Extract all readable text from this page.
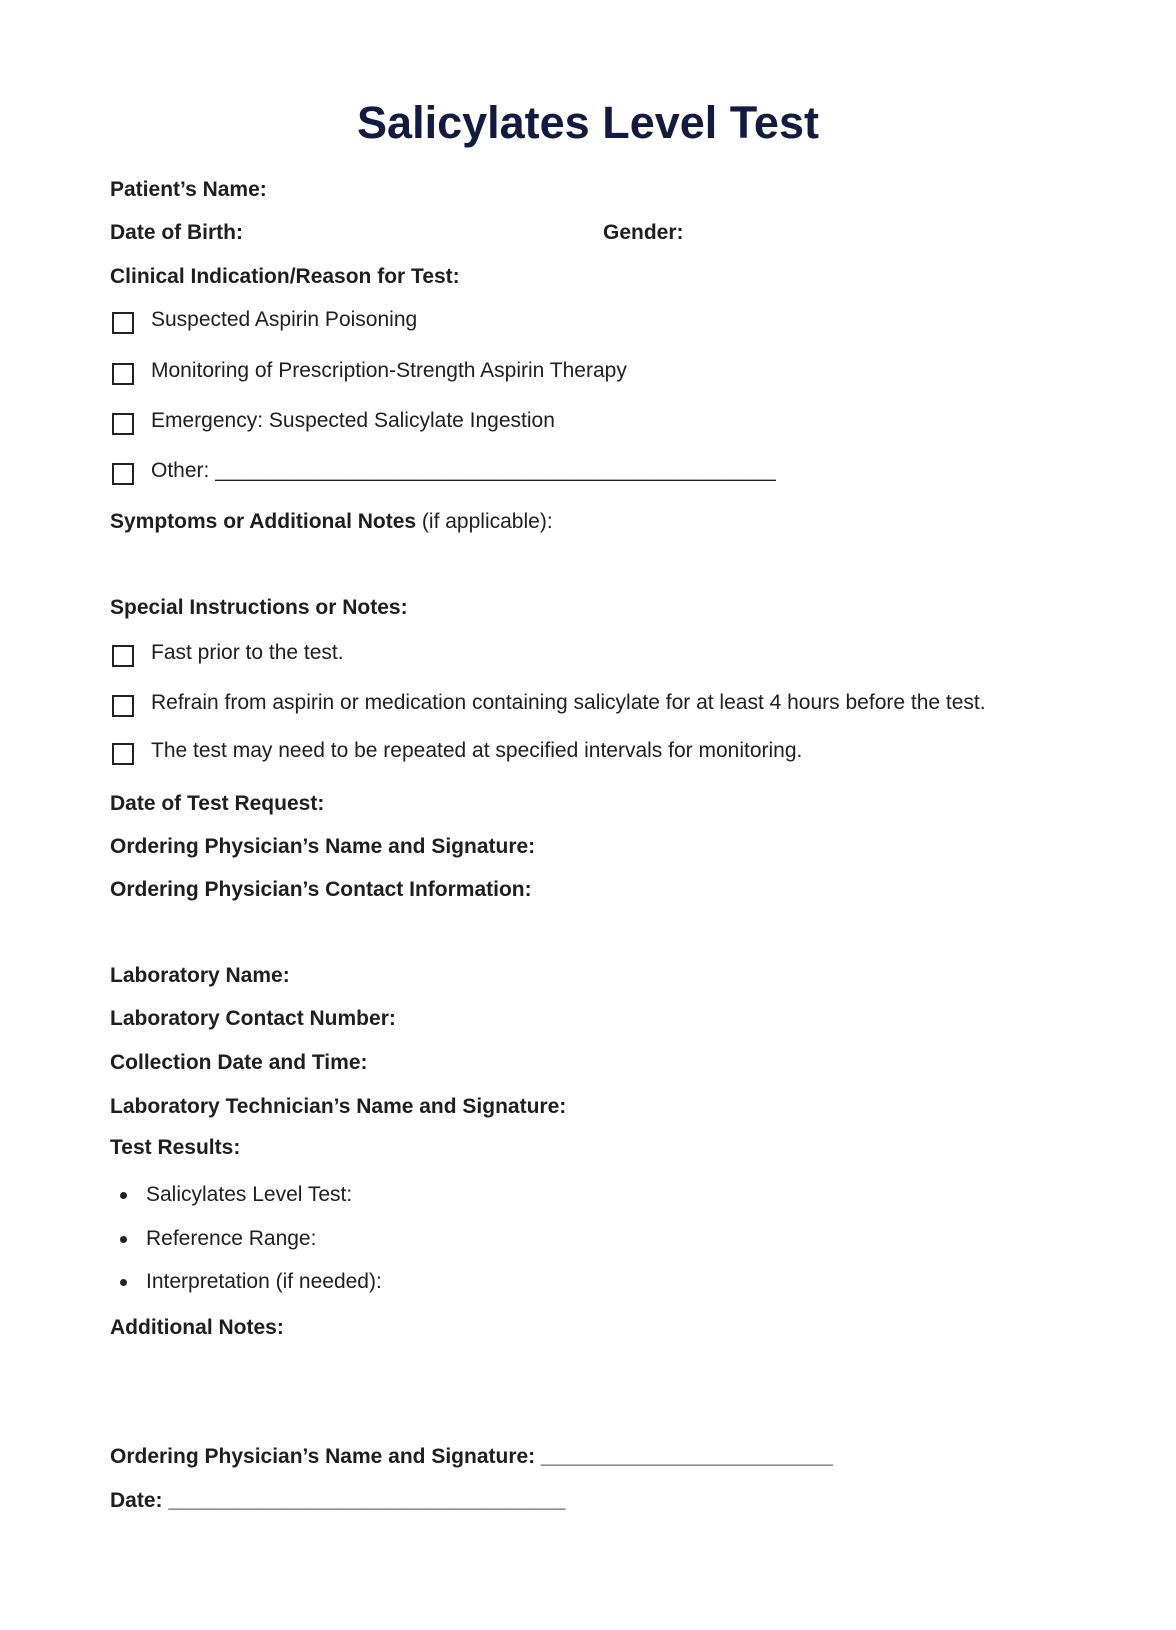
Salicylates Level Test
Patient’s Name:
Date of Birth:	Gender:
Clinical Indication/Reason for Test:
Suspected Aspirin Poisoning
Monitoring of Prescription-Strength Aspirin Therapy
Emergency: Suspected Salicylate Ingestion
Other: ________________________________________________
Symptoms or Additional Notes (if applicable):
Special Instructions or Notes:
Fast prior to the test.
Refrain from aspirin or medication containing salicylate for at least 4 hours before the test.
The test may need to be repeated at specified intervals for monitoring.
Date of Test Request:
Ordering Physician’s Name and Signature:
Ordering Physician’s Contact Information:
Laboratory Name:
Laboratory Contact Number:
Collection Date and Time:
Laboratory Technician’s Name and Signature:
Test Results:
Salicylates Level Test:
Reference Range:
Interpretation (if needed):
Additional Notes:
Ordering Physician’s Name and Signature: _________________________
Date: __________________________________
